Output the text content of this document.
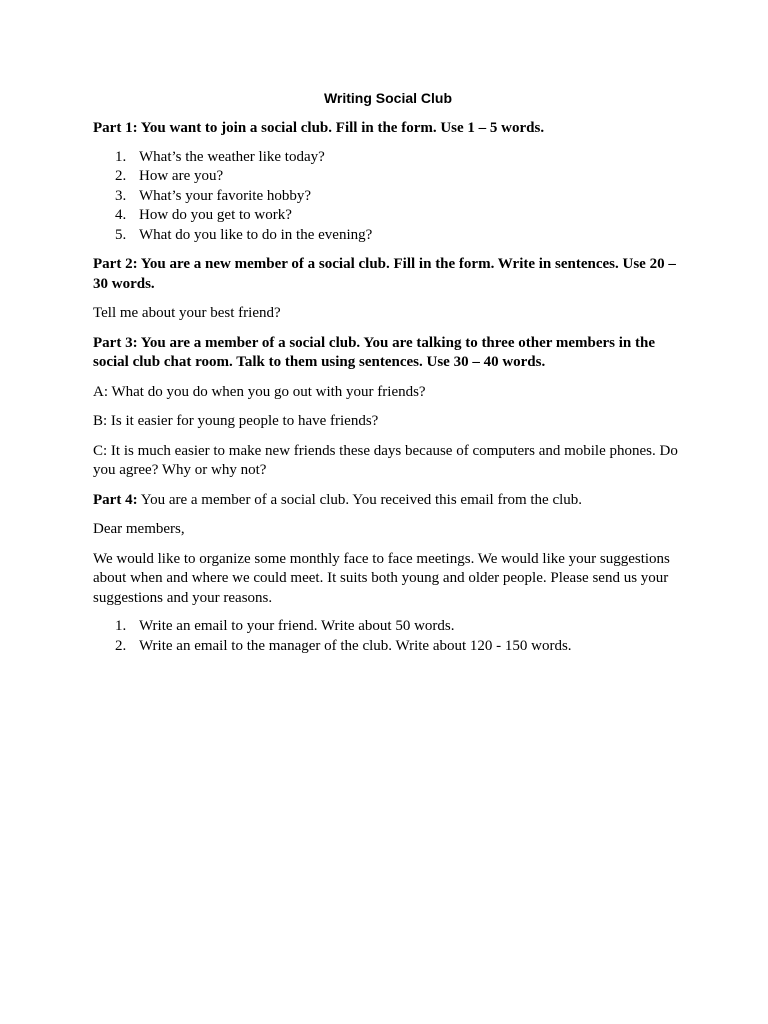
Writing Social Club

Part 1: You want to join a social club. Fill in the form. Use 1 – 5 words.

1. What’s the weather like today?
2. How are you?
3. What’s your favorite hobby?
4. How do you get to work?
5. What do you like to do in the evening?

Part 2: You are a new member of a social club. Fill in the form. Write in sentences. Use 20 – 30 words.

Tell me about your best friend?

Part 3: You are a member of a social club. You are talking to three other members in the social club chat room. Talk to them using sentences. Use 30 – 40 words.

A: What do you do when you go out with your friends?

B: Is it easier for young people to have friends?

C: It is much easier to make new friends these days because of computers and mobile phones. Do you agree? Why or why not?

Part 4: You are a member of a social club. You received this email from the club.

Dear members,

We would like to organize some monthly face to face meetings. We would like your suggestions about when and where we could meet. It suits both young and older people. Please send us your suggestions and your reasons.

1. Write an email to your friend. Write about 50 words.
2. Write an email to the manager of the club. Write about 120 - 150 words.
